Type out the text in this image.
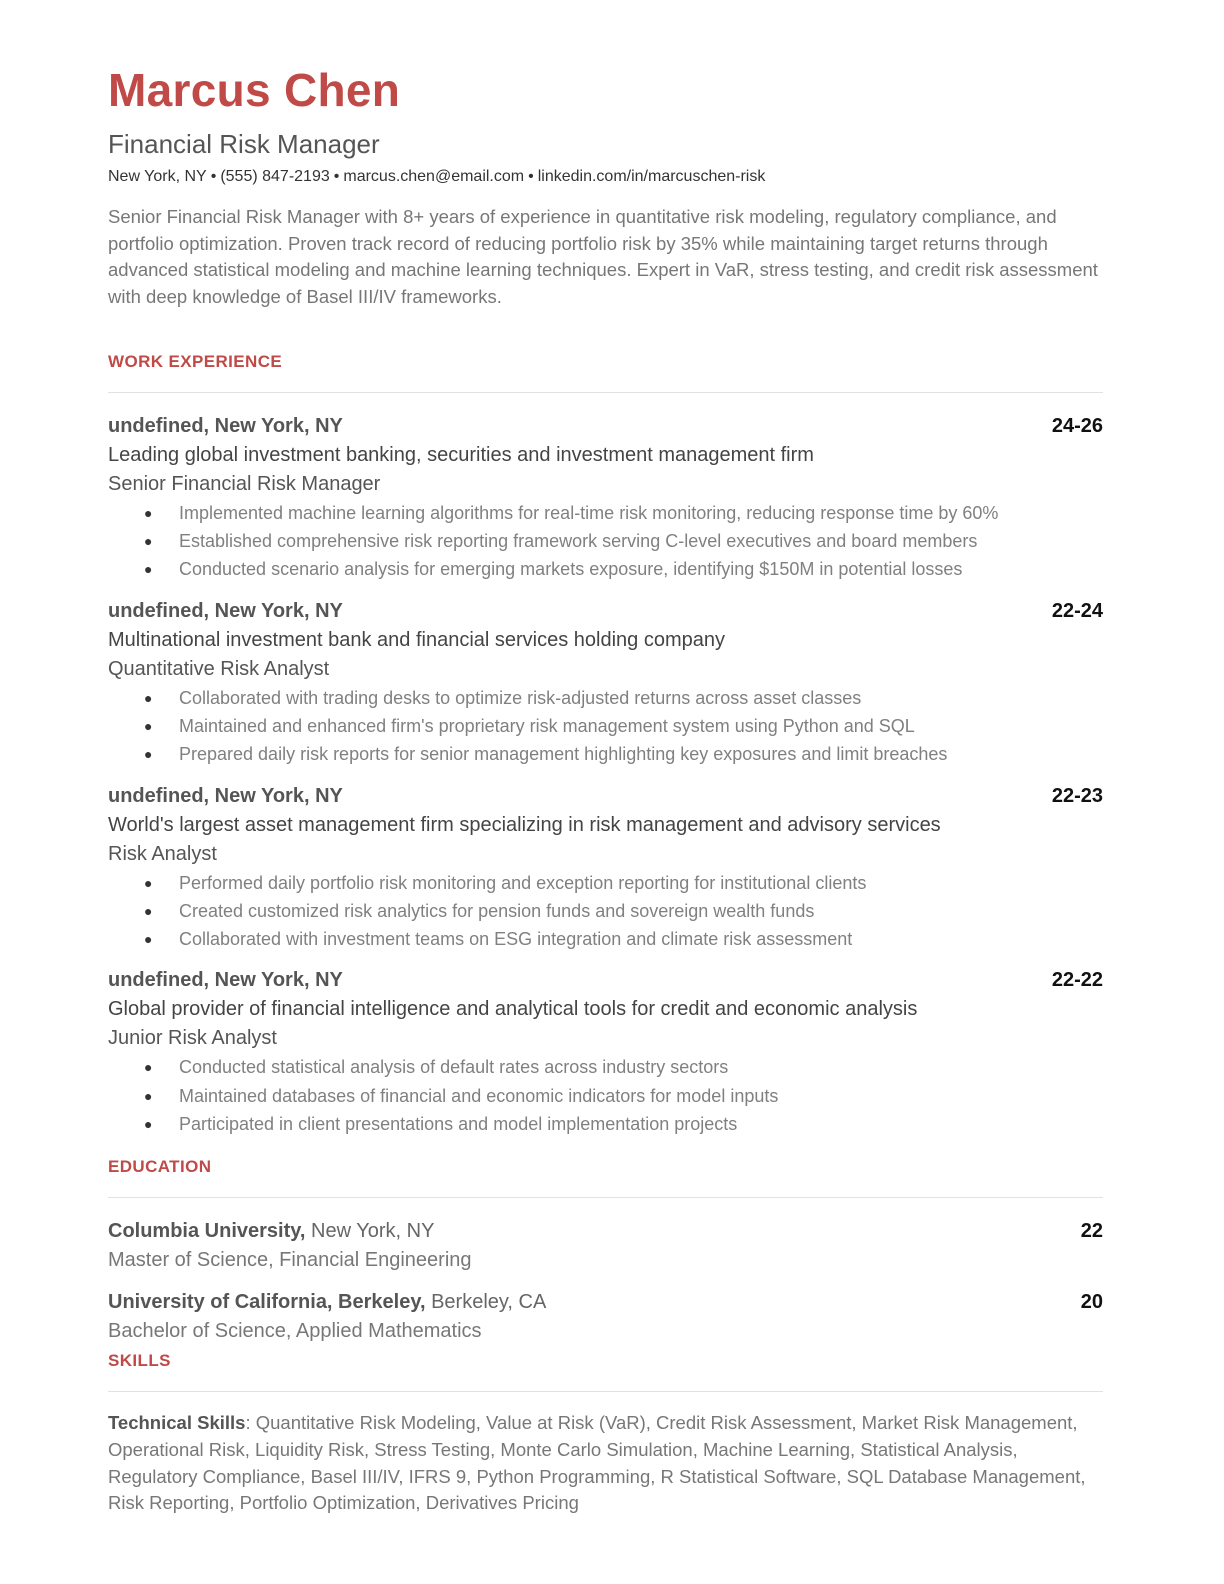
Marcus Chen
Financial Risk Manager
New York, NY • (555) 847-2193 • marcus.chen@email.com • linkedin.com/in/marcuschen-risk
Senior Financial Risk Manager with 8+ years of experience in quantitative risk modeling, regulatory compliance, and portfolio optimization. Proven track record of reducing portfolio risk by 35% while maintaining target returns through advanced statistical modeling and machine learning techniques. Expert in VaR, stress testing, and credit risk assessment with deep knowledge of Basel III/IV frameworks.
WORK EXPERIENCE
undefined, New York, NY	24-26
Leading global investment banking, securities and investment management firm
Senior Financial Risk Manager
● Implemented machine learning algorithms for real-time risk monitoring, reducing response time by 60%
● Established comprehensive risk reporting framework serving C-level executives and board members
● Conducted scenario analysis for emerging markets exposure, identifying $150M in potential losses
undefined, New York, NY	22-24
Multinational investment bank and financial services holding company
Quantitative Risk Analyst
● Collaborated with trading desks to optimize risk-adjusted returns across asset classes
● Maintained and enhanced firm's proprietary risk management system using Python and SQL
● Prepared daily risk reports for senior management highlighting key exposures and limit breaches
undefined, New York, NY	22-23
World's largest asset management firm specializing in risk management and advisory services
Risk Analyst
● Performed daily portfolio risk monitoring and exception reporting for institutional clients
● Created customized risk analytics for pension funds and sovereign wealth funds
● Collaborated with investment teams on ESG integration and climate risk assessment
undefined, New York, NY	22-22
Global provider of financial intelligence and analytical tools for credit and economic analysis
Junior Risk Analyst
● Conducted statistical analysis of default rates across industry sectors
● Maintained databases of financial and economic indicators for model inputs
● Participated in client presentations and model implementation projects
EDUCATION
Columbia University, New York, NY	22
Master of Science, Financial Engineering
University of California, Berkeley, Berkeley, CA	20
Bachelor of Science, Applied Mathematics
SKILLS
Technical Skills: Quantitative Risk Modeling, Value at Risk (VaR), Credit Risk Assessment, Market Risk Management, Operational Risk, Liquidity Risk, Stress Testing, Monte Carlo Simulation, Machine Learning, Statistical Analysis, Regulatory Compliance, Basel III/IV, IFRS 9, Python Programming, R Statistical Software, SQL Database Management, Risk Reporting, Portfolio Optimization, Derivatives Pricing
